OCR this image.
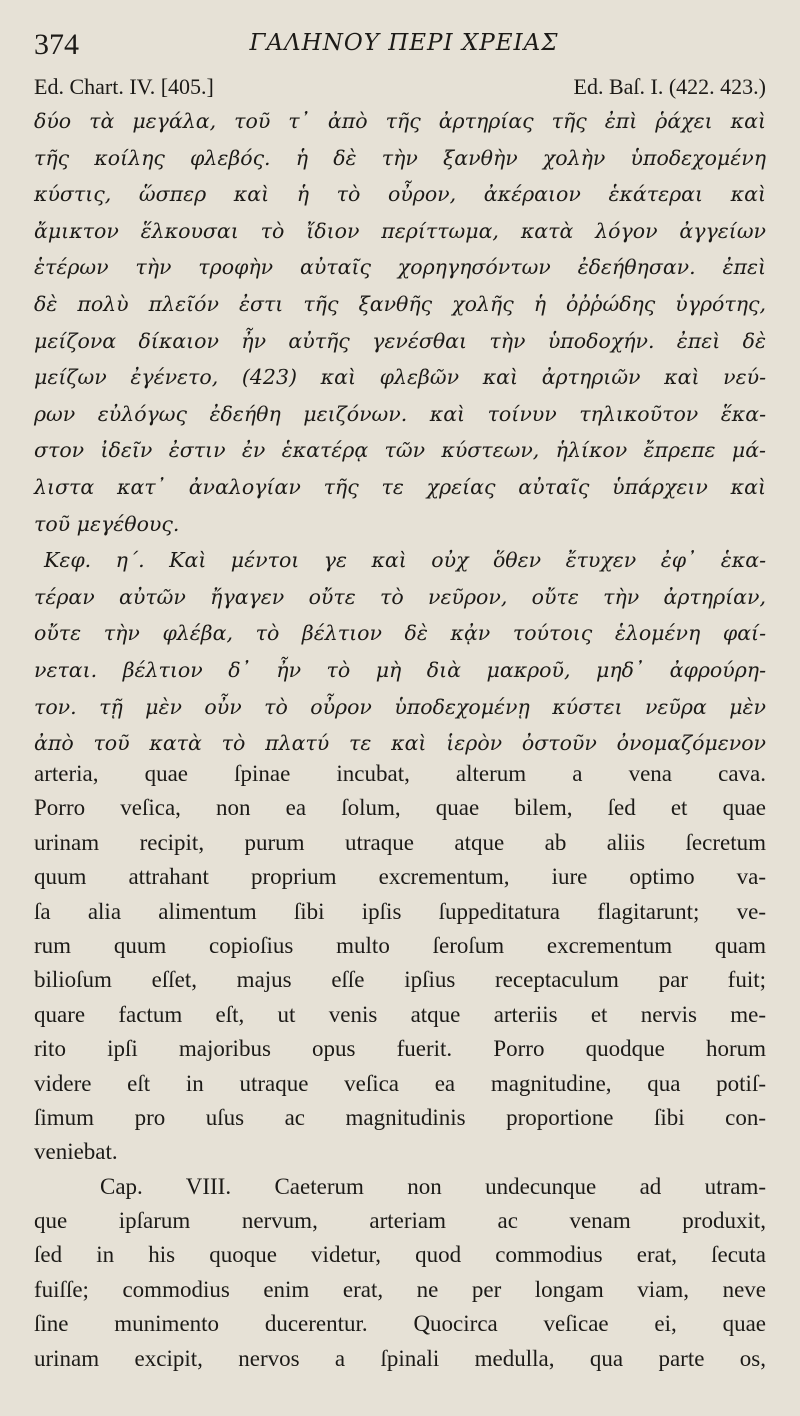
374	ΓΑΛΗΝΟΥ ΠΕΡΙ ΧΡΕΙΑΣ
Ed. Chart. IV. [405.]	Ed. Baſ. I. (422. 423.)
δύο τὰ μεγάλα, τοῦ τ᾽ ἀπὸ τῆς ἀρτηρίας τῆς ἐπὶ ῥάχει καὶ
τῆς κοίλης φλεβός. ἡ δὲ τὴν ξανθὴν χολὴν ὑποδεχομένη
κύστις, ὥσπερ καὶ ἡ τὸ οὖρον, ἀκέραιον ἑκάτεραι καὶ
ἄμικτον ἕλκουσαι τὸ ἴδιον περίττωμα, κατὰ λόγον ἀγγείων
ἑτέρων τὴν τροφὴν αὐταῖς χορηγησόντων ἐδεήθησαν. ἐπεὶ
δὲ πολὺ πλεῖόν ἐστι τῆς ξανθῆς χολῆς ἡ ὀῤῥώδης ὑγρότης,
μείζονα δίκαιον ἦν αὐτῆς γενέσθαι τὴν ὑποδοχήν. ἐπεὶ δὲ
μείζων ἐγένετο, (423) καὶ φλεβῶν καὶ ἀρτηριῶν καὶ νεύ-
ρων εὐλόγως ἐδεήθη μειζόνων. καὶ τοίνυν τηλικοῦτον ἕκα-
στον ἰδεῖν ἐστιν ἐν ἑκατέρᾳ τῶν κύστεων, ἡλίκον ἔπρεπε μά-
λιστα κατ᾽ ἀναλογίαν τῆς τε χρείας αὐταῖς ὑπάρχειν καὶ
τοῦ μεγέθους.
Κεφ. η΄. Καὶ μέντοι γε καὶ οὐχ ὅθεν ἔτυχεν ἐφ᾽ ἑκα-
τέραν αὐτῶν ἤγαγεν οὔτε τὸ νεῦρον, οὔτε τὴν ἀρτηρίαν,
οὔτε τὴν φλέβα, τὸ βέλτιον δὲ κᾀν τούτοις ἑλομένη φαί-
νεται. βέλτιον δ᾽ ἦν τὸ μὴ διὰ μακροῦ, μηδ᾽ ἀφρούρη-
τον. τῇ μὲν οὖν τὸ οὖρον ὑποδεχομένῃ κύστει νεῦρα μὲν
ἀπὸ τοῦ κατὰ τὸ πλατύ τε καὶ ἱερὸν ὀστοῦν ὀνομαζόμενον
arteria, quae ſpinae incubat, alterum a vena cava.
Porro veſica, non ea ſolum, quae bilem, ſed et quae
urinam recipit, purum utraque atque ab aliis ſecretum
quum attrahant proprium excrementum, iure optimo va-
ſa alia alimentum ſibi ipſis ſuppeditatura flagitarunt; ve-
rum quum copioſius multo ſeroſum excrementum quam
bilioſum eſſet, majus eſſe ipſius receptaculum par fuit;
quare factum eſt, ut venis atque arteriis et nervis me-
rito ipſi majoribus opus fuerit. Porro quodque horum
videre eſt in utraque veſica ea magnitudine, qua potiſ-
ſimum pro uſus ac magnitudinis proportione ſibi con-
veniebat.
Cap. VIII. Caeterum non undecunque ad utram-
que ipſarum nervum, arteriam ac venam produxit,
ſed in his quoque videtur, quod commodius erat, ſecuta
fuiſſe; commodius enim erat, ne per longam viam, neve
ſine munimento ducerentur. Quocirca veſicae ei, quae
urinam excipit, nervos a ſpinali medulla, qua parte os,
